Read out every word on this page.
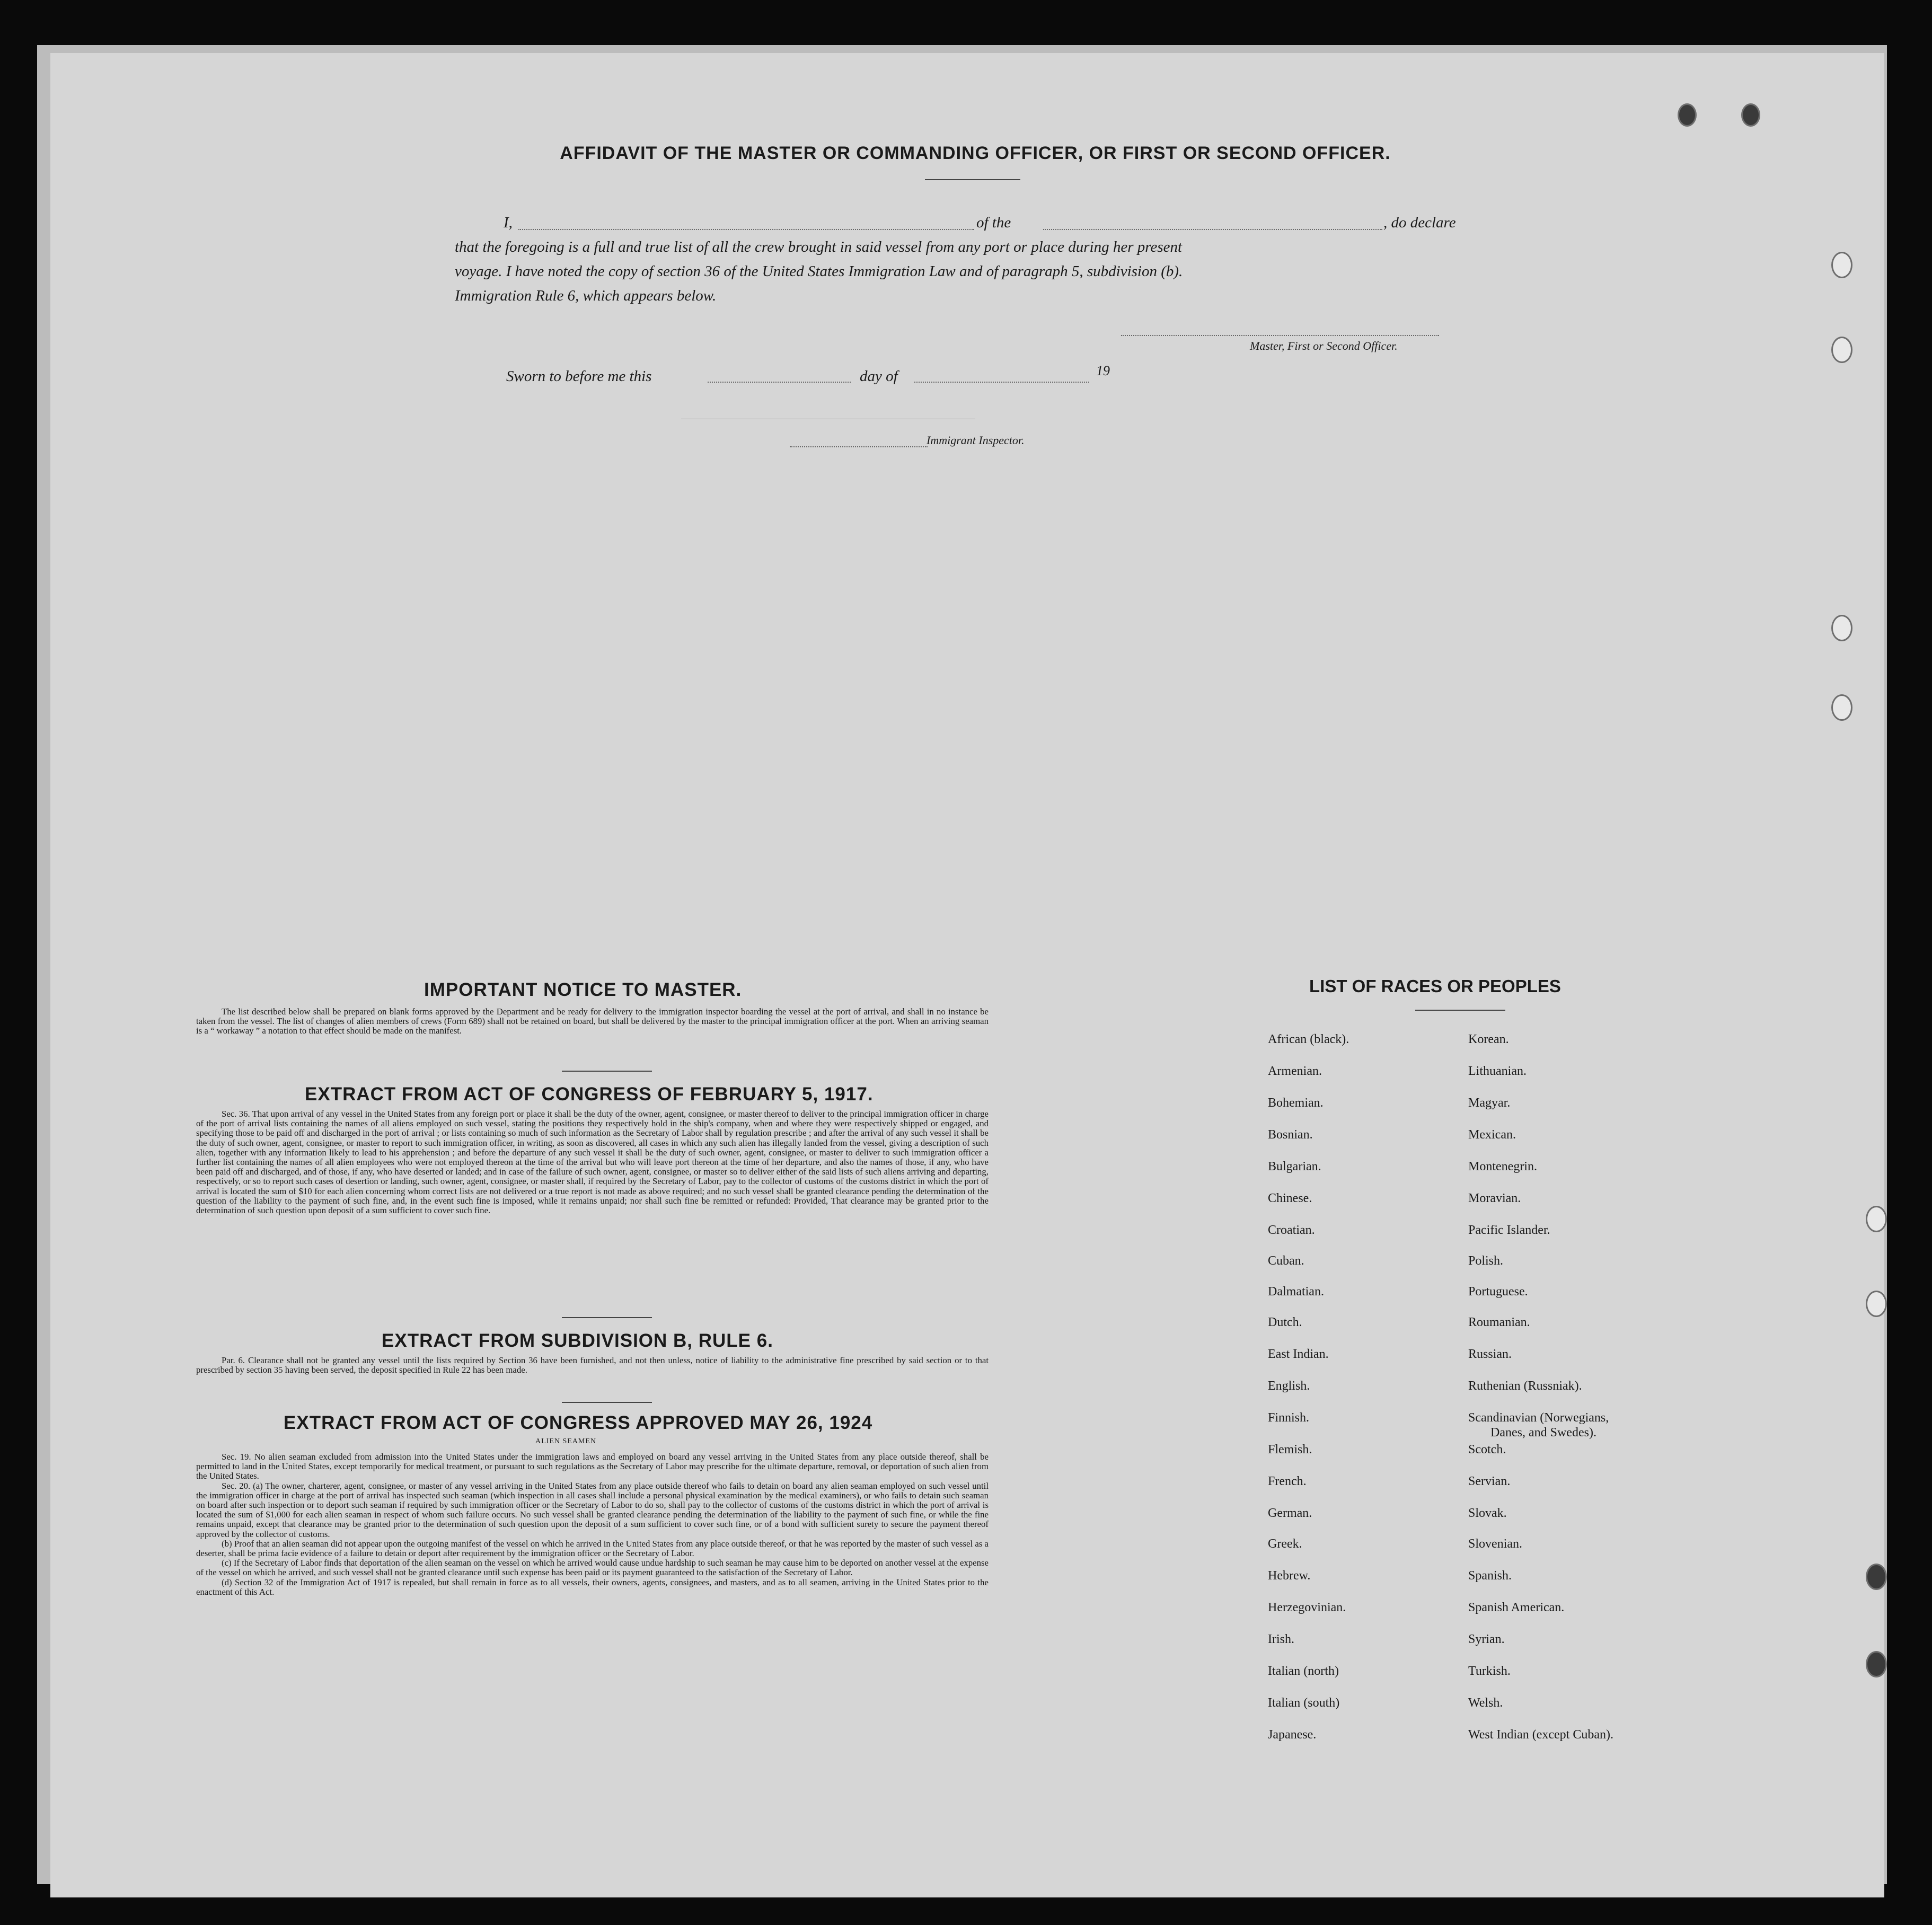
AFFIDAVIT OF THE MASTER OR COMMANDING OFFICER, OR FIRST OR SECOND OFFICER.
I,	of the	, do declare
that the foregoing is a full and true list of all the crew brought in said vessel from any port or place during her present
voyage. I have noted the copy of section 36 of the United States Immigration Law and of paragraph 5, subdivision (b).
Immigration Rule 6, which appears below.
Master, First or Second Officer.
Sworn to before me this	day of	19
Immigrant Inspector.
IMPORTANT NOTICE TO MASTER.
The list described below shall be prepared on blank forms approved by the Department and be ready for delivery to the immigration inspector boarding the vessel at the port of arrival, and shall in no instance be taken from the vessel. The list of changes of alien members of crews (Form 689) shall not be retained on board, but shall be delivered by the master to the principal immigration officer at the port. When an arriving seaman is a “ workaway ” a notation to that effect should be made on the manifest.
EXTRACT FROM ACT OF CONGRESS OF FEBRUARY 5, 1917.
Sec. 36. That upon arrival of any vessel in the United States from any foreign port or place it shall be the duty of the owner, agent, consignee, or master thereof to deliver to the principal immigration officer in charge of the port of arrival lists containing the names of all aliens employed on such vessel, stating the positions they respectively hold in the ship's company, when and where they were respectively shipped or engaged, and specifying those to be paid off and discharged in the port of arrival ; or lists containing so much of such information as the Secretary of Labor shall by regulation prescribe ; and after the arrival of any such vessel it shall be the duty of such owner, agent, consignee, or master to report to such immigration officer, in writing, as soon as discovered, all cases in which any such alien has illegally landed from the vessel, giving a description of such alien, together with any information likely to lead to his apprehension ; and before the departure of any such vessel it shall be the duty of such owner, agent, consignee, or master to deliver to such immigration officer a further list containing the names of all alien employees who were not employed thereon at the time of the arrival but who will leave port thereon at the time of her departure, and also the names of those, if any, who have been paid off and discharged, and of those, if any, who have deserted or landed; and in case of the failure of such owner, agent, consignee, or master so to deliver either of the said lists of such aliens arriving and departing, respectively, or so to report such cases of desertion or landing, such owner, agent, consignee, or master shall, if required by the Secretary of Labor, pay to the collector of customs of the customs district in which the port of arrival is located the sum of $10 for each alien concerning whom correct lists are not delivered or a true report is not made as above required; and no such vessel shall be granted clearance pending the determination of the question of the liability to the payment of such fine, and, in the event such fine is imposed, while it remains unpaid; nor shall such fine be remitted or refunded: Provided, That clearance may be granted prior to the determination of such question upon deposit of a sum sufficient to cover such fine.
EXTRACT FROM SUBDIVISION B, RULE 6.
Par. 6. Clearance shall not be granted any vessel until the lists required by Section 36 have been furnished, and not then unless, notice of liability to the administrative fine prescribed by said section or to that prescribed by section 35 having been served, the deposit specified in Rule 22 has been made.
EXTRACT FROM ACT OF CONGRESS APPROVED MAY 26, 1924
ALIEN SEAMEN

Sec. 19. No alien seaman excluded from admission into the United States under the immigration laws and employed on board any vessel arriving in the United States from any place outside thereof, shall be permitted to land in the United States, except temporarily for medical treatment, or pursuant to such regulations as the Secretary of Labor may prescribe for the ultimate departure, removal, or deportation of such alien from the United States.

Sec. 20. (a) The owner, charterer, agent, consignee, or master of any vessel arriving in the United States from any place outside thereof who fails to detain on board any alien seaman employed on such vessel until the immigration officer in charge at the port of arrival has inspected such seaman (which inspection in all cases shall include a personal physical examination by the medical examiners), or who fails to detain such seaman on board after such inspection or to deport such seaman if required by such immigration officer or the Secretary of Labor to do so, shall pay to the collector of customs of the customs district in which the port of arrival is located the sum of $1,000 for each alien seaman in respect of whom such failure occurs. No such vessel shall be granted clearance pending the determination of the liability to the payment of such fine, or while the fine remains unpaid, except that clearance may be granted prior to the determination of such question upon the deposit of a sum sufficient to cover such fine, or of a bond with sufficient surety to secure the payment thereof approved by the collector of customs.

(b) Proof that an alien seaman did not appear upon the outgoing manifest of the vessel on which he arrived in the United States from any place outside thereof, or that he was reported by the master of such vessel as a deserter, shall be prima facie evidence of a failure to detain or deport after requirement by the immigration officer or the Secretary of Labor.

(c) If the Secretary of Labor finds that deportation of the alien seaman on the vessel on which he arrived would cause undue hardship to such seaman he may cause him to be deported on another vessel at the expense of the vessel on which he arrived, and such vessel shall not be granted clearance until such expense has been paid or its payment guaranteed to the satisfaction of the Secretary of Labor.

(d) Section 32 of the Immigration Act of 1917 is repealed, but shall remain in force as to all vessels, their owners, agents, consignees, and masters, and as to all seamen, arriving in the United States prior to the enactment of this Act.

LIST OF RACES OR PEOPLES
African (black).
Armenian.
Bohemian.
Bosnian.
Bulgarian.
Chinese.
Croatian.
Cuban.
Dalmatian.
Dutch.
East Indian.
English.
Finnish.
Flemish.
French.
German.
Greek.
Hebrew.
Herzegovinian.
Irish.
Italian (north)
Italian (south)
Japanese.
Korean.
Lithuanian.
Magyar.
Mexican.
Montenegrin.
Moravian.
Pacific Islander.
Polish.
Portuguese.
Roumanian.
Russian.
Ruthenian (Russniak).
Scandinavian (Norwegians,
Danes, and Swedes).
Scotch.
Servian.
Slovak.
Slovenian.
Spanish.
Spanish American.
Syrian.
Turkish.
Welsh.
West Indian (except Cuban).
